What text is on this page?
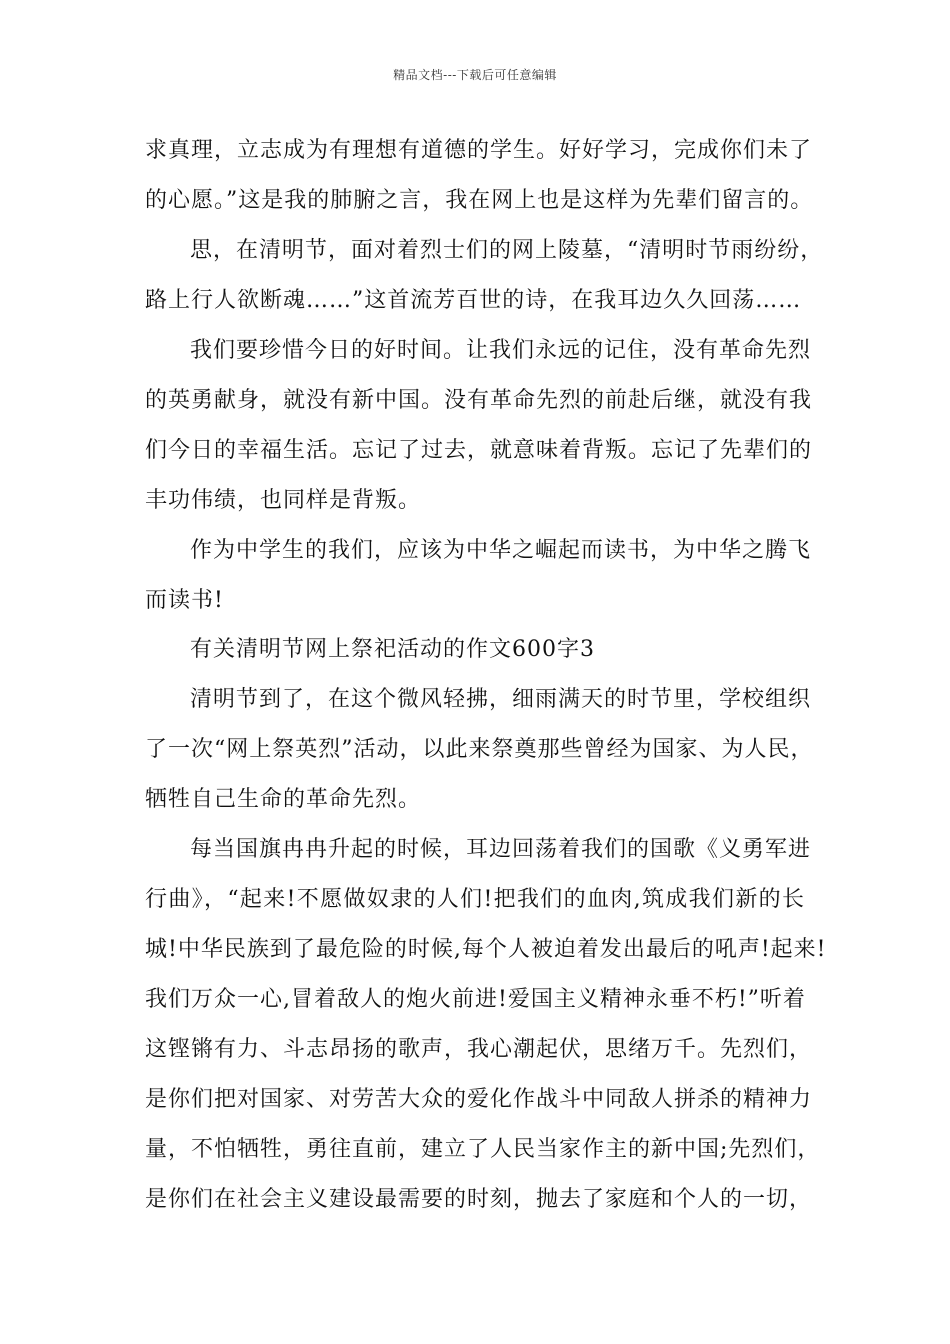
精品文档---下载后可任意编辑
求真理，立志成为有理想有道德的学生。好好学习，完成你们未了
的心愿。”这是我的肺腑之言，我在网上也是这样为先辈们留言的。
思，在清明节，面对着烈士们的网上陵墓，“清明时节雨纷纷，
路上行人欲断魂……”这首流芳百世的诗，在我耳边久久回荡……
我们要珍惜今日的好时间。让我们永远的记住，没有革命先烈
的英勇献身，就没有新中国。没有革命先烈的前赴后继，就没有我
们今日的幸福生活。忘记了过去，就意味着背叛。忘记了先辈们的
丰功伟绩，也同样是背叛。
作为中学生的我们，应该为中华之崛起而读书，为中华之腾飞
而读书!
有关清明节网上祭祀活动的作文600字3
清明节到了，在这个微风轻拂，细雨满天的时节里，学校组织
了一次“网上祭英烈”活动，以此来祭奠那些曾经为国家、为人民，
牺牲自己生命的革命先烈。
每当国旗冉冉升起的时候，耳边回荡着我们的国歌《义勇军进
行曲》，“起来!不愿做奴隶的人们!把我们的血肉,筑成我们新的长
城!中华民族到了最危险的时候,每个人被迫着发出最后的吼声!起来!
我们万众一心,冒着敌人的炮火前进!爱国主义精神永垂不朽!”听着
这铿锵有力、斗志昂扬的歌声，我心潮起伏，思绪万千。先烈们，
是你们把对国家、对劳苦大众的爱化作战斗中同敌人拼杀的精神力
量，不怕牺牲，勇往直前，建立了人民当家作主的新中国;先烈们，
是你们在社会主义建设最需要的时刻，抛去了家庭和个人的一切，
